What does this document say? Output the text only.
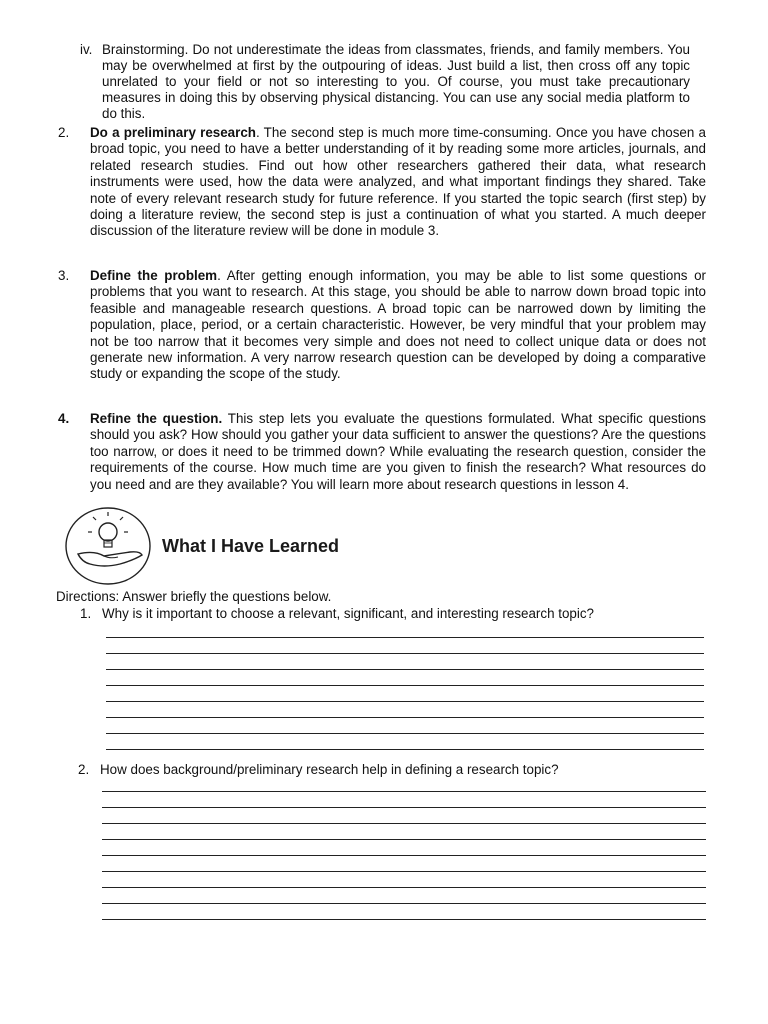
iv. Brainstorming. Do not underestimate the ideas from classmates, friends, and family members. You may be overwhelmed at first by the outpouring of ideas. Just build a list, then cross off any topic unrelated to your field or not so interesting to you. Of course, you must take precautionary measures in doing this by observing physical distancing. You can use any social media platform to do this.
2.	Do a preliminary research. The second step is much more time-consuming. Once you have chosen a broad topic, you need to have a better understanding of it by reading some more articles, journals, and related research studies. Find out how other researchers gathered their data, what research instruments were used, how the data were analyzed, and what important findings they shared. Take note of every relevant research study for future reference. If you started the topic search (first step) by doing a literature review, the second step is just a continuation of what you started. A much deeper discussion of the literature review will be done in module 3.
3.	Define the problem. After getting enough information, you may be able to list some questions or problems that you want to research. At this stage, you should be able to narrow down broad topic into feasible and manageable research questions. A broad topic can be narrowed down by limiting the population, place, period, or a certain characteristic. However, be very mindful that your problem may not be too narrow that it becomes very simple and does not need to collect unique data or does not generate new information. A very narrow research question can be developed by doing a comparative study or expanding the scope of the study.
4.	Refine the question. This step lets you evaluate the questions formulated. What specific questions should you ask? How should you gather your data sufficient to answer the questions? Are the questions too narrow, or does it need to be trimmed down? While evaluating the research question, consider the requirements of the course. How much time are you given to finish the research? What resources do you need and are they available? You will learn more about research questions in lesson 4.
What I Have Learned
Directions: Answer briefly the questions below.
1. Why is it important to choose a relevant, significant, and interesting research topic?
2. How does background/preliminary research help in defining a research topic?
